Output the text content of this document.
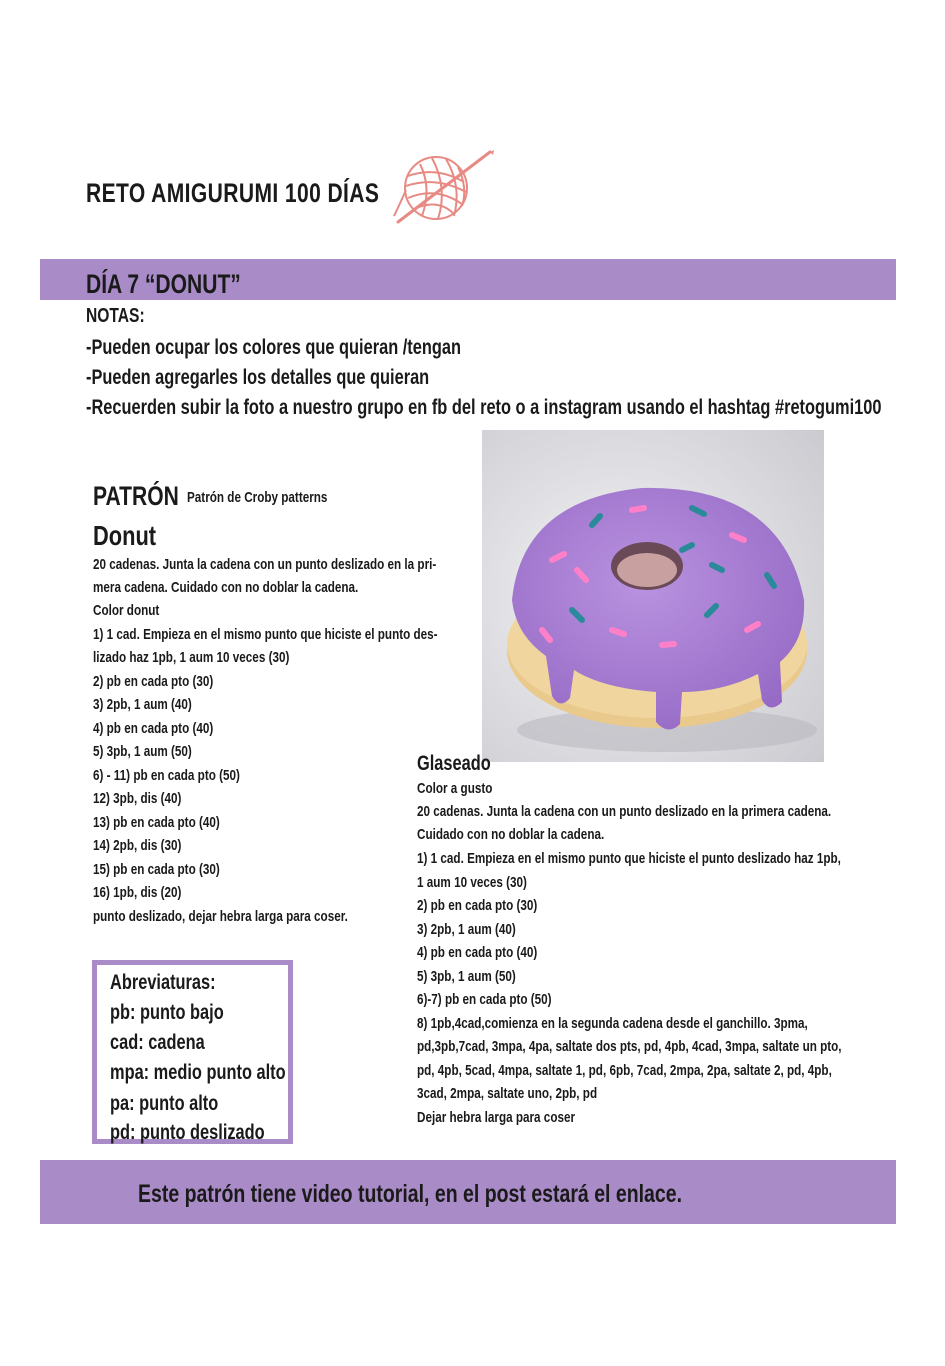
RETO AMIGURUMI 100 DÍAS
DÍA 7 “DONUT”
NOTAS:
-Pueden ocupar los colores que quieran /tengan
-Pueden agregarles los detalles que quieran
-Recuerden subir la foto a nuestro grupo en fb del reto o a instagram usando el hashtag #retogumi100
PATRÓN Patrón de Croby patterns
Donut
20 cadenas. Junta la cadena con un punto deslizado en la pri-
mera cadena. Cuidado con no doblar la cadena.
Color donut
1) 1 cad. Empieza en el mismo punto que hiciste el punto des-
lizado haz 1pb, 1 aum 10 veces (30)
2) pb en cada pto (30)
3) 2pb, 1 aum (40)
4) pb en cada pto (40)
5) 3pb, 1 aum (50)
6) - 11) pb en cada pto (50)
12) 3pb, dis (40)
13) pb en cada pto (40)
14) 2pb, dis (30)
15) pb en cada pto (30)
16) 1pb, dis (20)
punto deslizado, dejar hebra larga para coser.
Glaseado
Color a gusto
20 cadenas. Junta la cadena con un punto deslizado en la primera cadena.
Cuidado con no doblar la cadena.
1) 1 cad. Empieza en el mismo punto que hiciste el punto deslizado haz 1pb,
1 aum 10 veces (30)
2) pb en cada pto (30)
3) 2pb, 1 aum (40)
4) pb en cada pto (40)
5) 3pb, 1 aum (50)
6)-7) pb en cada pto (50)
8) 1pb,4cad,comienza en la segunda cadena desde el ganchillo. 3pma,
pd,3pb,7cad, 3mpa, 4pa, saltate dos pts, pd, 4pb, 4cad, 3mpa, saltate un pto,
pd, 4pb, 5cad, 4mpa, saltate 1, pd, 6pb, 7cad, 2mpa, 2pa, saltate 2, pd, 4pb,
3cad, 2mpa, saltate uno, 2pb, pd
Dejar hebra larga para coser
Abreviaturas:
pb: punto bajo
cad: cadena
mpa: medio punto alto
pa: punto alto
pd: punto deslizado
Este patrón tiene video tutorial, en el post estará el enlace.
